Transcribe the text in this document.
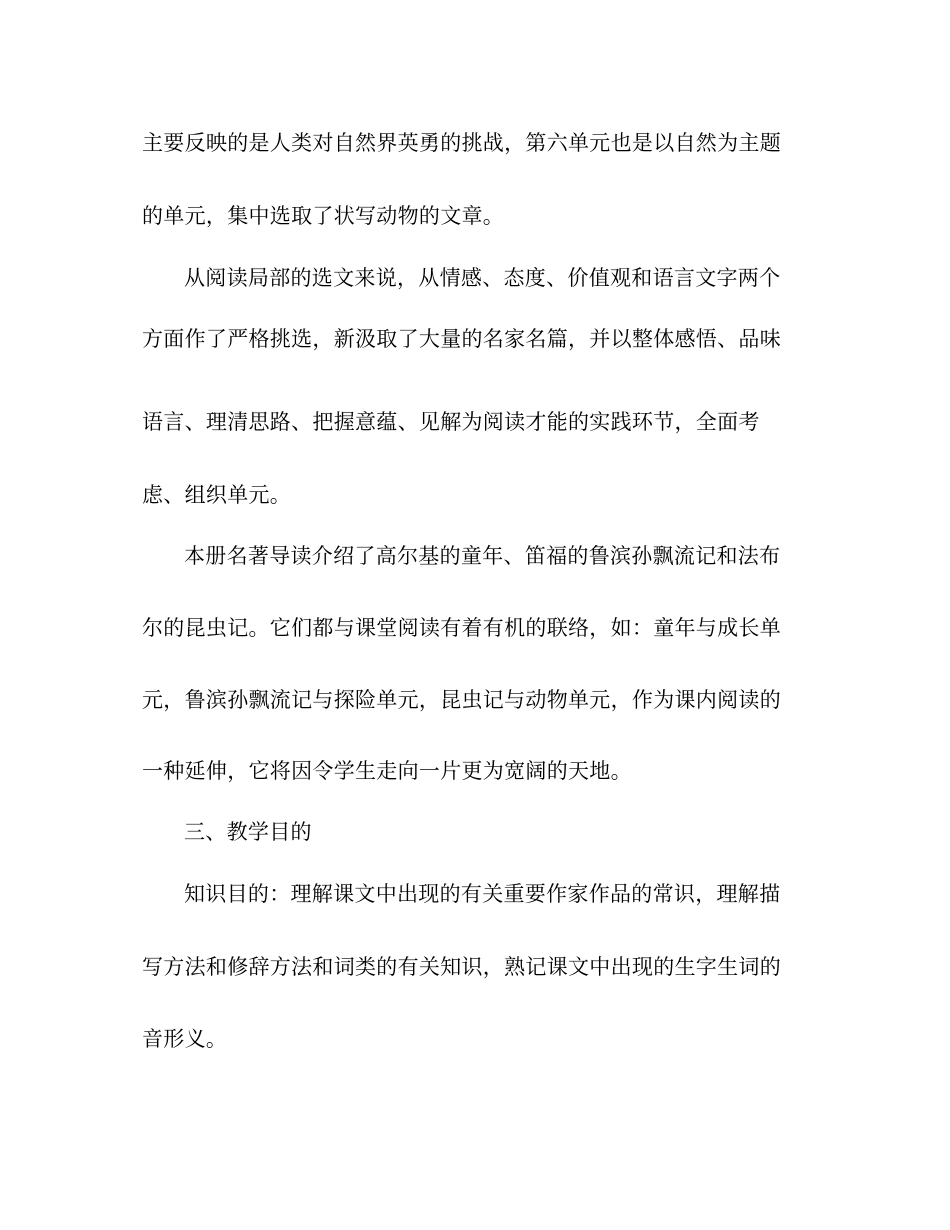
主要反映的是人类对自然界英勇的挑战，第六单元也是以自然为主题
的单元，集中选取了状写动物的文章。
从阅读局部的选文来说，从情感、态度、价值观和语言文字两个
方面作了严格挑选，新汲取了大量的名家名篇，并以整体感悟、品味
语言、理清思路、把握意蕴、见解为阅读才能的实践环节，全面考
虑、组织单元。
本册名著导读介绍了高尔基的童年、笛福的鲁滨孙飘流记和法布
尔的昆虫记。它们都与课堂阅读有着有机的联络，如：童年与成长单
元，鲁滨孙飘流记与探险单元，昆虫记与动物单元，作为课内阅读的
一种延伸，它将因令学生走向一片更为宽阔的天地。
三、教学目的
知识目的：理解课文中出现的有关重要作家作品的常识，理解描
写方法和修辞方法和词类的有关知识，熟记课文中出现的生字生词的
音形义。
